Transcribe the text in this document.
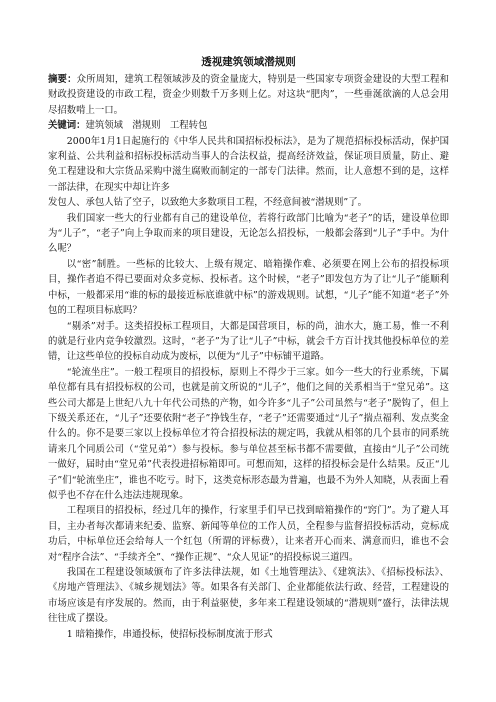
透视建筑领域潜规则

摘要：众所周知，建筑工程领域涉及的资金量庞大，特别是一些国家专项资金建设的大型工程和财政投资建设的市政工程，资金少则数千万多则上亿。对这块“肥肉”，一些垂涎欲滴的人总会用尽招数啃上一口。

关键词：建筑领域　潜规则　工程转包

2000年1月1日起施行的《中华人民共和国招标投标法》，是为了规范招标投标活动，保护国家利益、公共利益和招标投标活动当事人的合法权益，提高经济效益，保证项目质量，防止、避免工程建设和大宗货品采购中滋生腐败而制定的一部专门法律。然而，让人意想不到的是，这样一部法律，在现实中却让许多

发包人、承包人钻了空子，以致绝大多数项目工程，不经意间被“潜规则”了。

我们国家一些大的行业都有自己的建设单位，若将行政部门比喻为“老子”的话，建设单位即为“儿子”，“老子”向上争取而来的项目建设，无论怎么招投标，一般都会落到“儿子”手中。为什么呢？

以“密”制胜。一些标的比较大、上级有规定、暗箱操作难、必须要在网上公布的招投标项目，操作者追不得已要面对众多竞标、投标者。这个时候，“老子”即发包方为了让“儿子”能顺利中标，一般都采用“谁的标的最接近标底谁就中标”的游戏规则。试想，“儿子”能不知道“老子”外包的工程项目标底吗？

“剔杀”对手。这类招投标工程项目，大都是国营项目，标的尚，油水大，施工易，惟一不利的就是行业内竞争较激烈。这时，“老子”为了让“儿子”中标，就会千方百计找其他投标单位的差错，让这些单位的投标自动成为废标，以便为“儿子”中标铺平道路。

“轮流坐庄”。一般工程项目的招投标，原则上不得少于三家。如今一些大的行业系统，下属单位都有具有招投标权的公司，也就是前文所说的“儿子”，他们之间的关系相当于“堂兄弟”。这些公司大都是上世纪八九十年代公司热的产物，如今许多“儿子”公司虽然与“老子”脱钩了，但上下级关系还在，“儿子”还要依附“老子”挣钱生存，“老子”还需要通过“儿子”揣点福利、发点奖金什么的。你不是要三家以上投标单位才符合招投标法的规定吗，我就从相邻的几个县市的同系统请来几个同质公司（“堂兄弟”）参与投标。参与单位甚至标书都不需要做，直接由“儿子”公司统一做好，届时由“堂兄弟”代表投进招标箱即可。可想而知，这样的招投标会是什么结果。反正“儿子”们“轮流坐庄”，谁也不吃亏。时下，这类竞标形态最为普遍，也最不为外人知晓，从表面上看似乎也不存在什么违法违规现象。

工程项目的招投标，经过几年的操作，行家里手们早已找到暗箱操作的“窍门”。为了避人耳目，主办者每次都请来纪委、监察、新闻等单位的工作人员，全程参与监督招投标活动，竞标成功后，中标单位还会给每人一个红包（所谓的评标费），让来者开心而来、满意而归，谁也不会对“程序合法”、“手续齐全”、“操作正规”、“众人见证”的招投标说三道四。

我国在工程建设领域颁布了许多法律法规，如《土地管理法》、《建筑法》、《招标投标法》、《房地产管理法》、《城乡规划法》等。如果各有关部门、企业都能依法行政、经营，工程建设的市场应该是有序发展的。然而，由于利益驱使，多年来工程建设领域的“潜规则”盛行，法律法规往往成了摆设。

1 暗箱操作，串通投标，使招标投标制度流于形式
